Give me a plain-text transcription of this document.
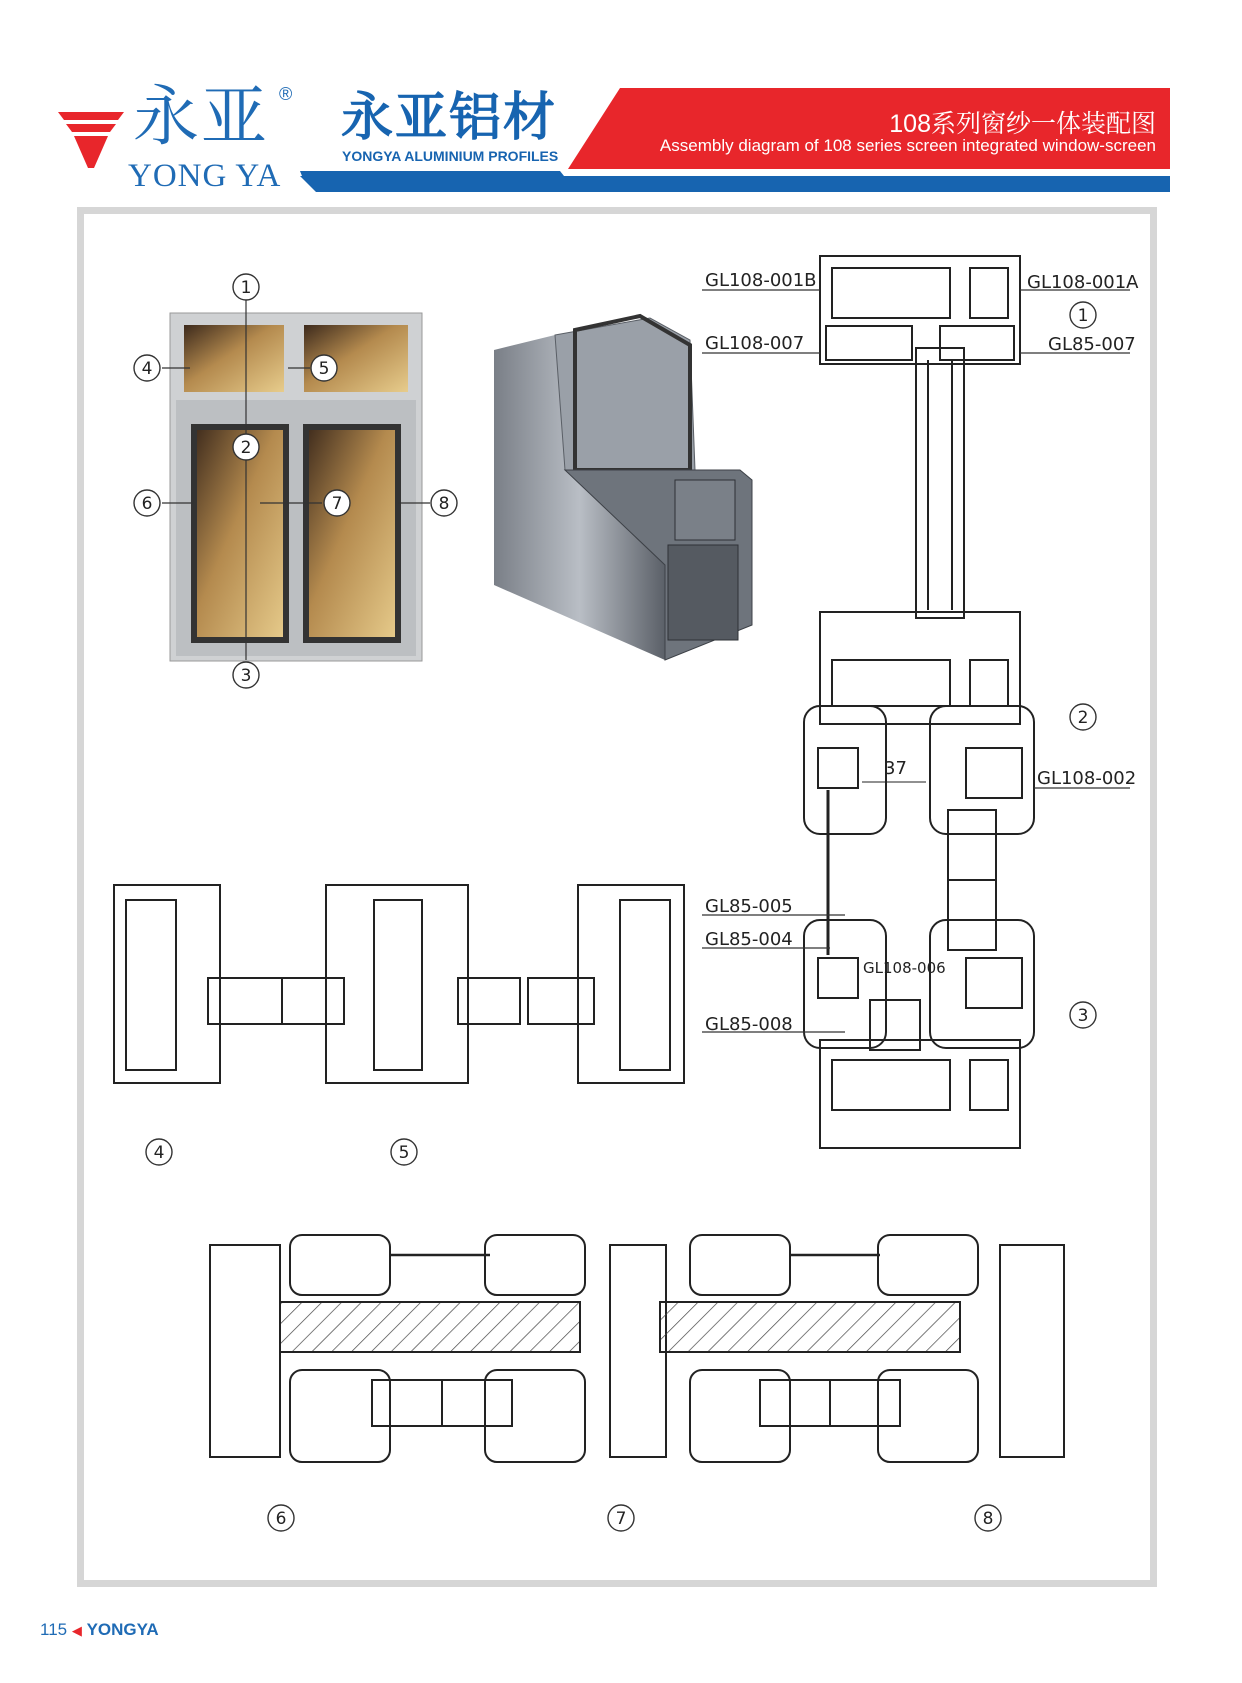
永亚 ®
YONG YA
永亚铝材
YONGYA ALUMINIUM PROFILES
108系列窗纱一体装配图
Assembly diagram of 108 series screen integrated window-screen
1
2
3
4	5
6	7	8
1
2
3
4	5
6	7	8
GL108-001B	GL108-001A
GL108-007	GL85-007
GL108-002
GL85-005
GL85-004
GL108-006
GL85-008
37
115 ◀ YONGYA
